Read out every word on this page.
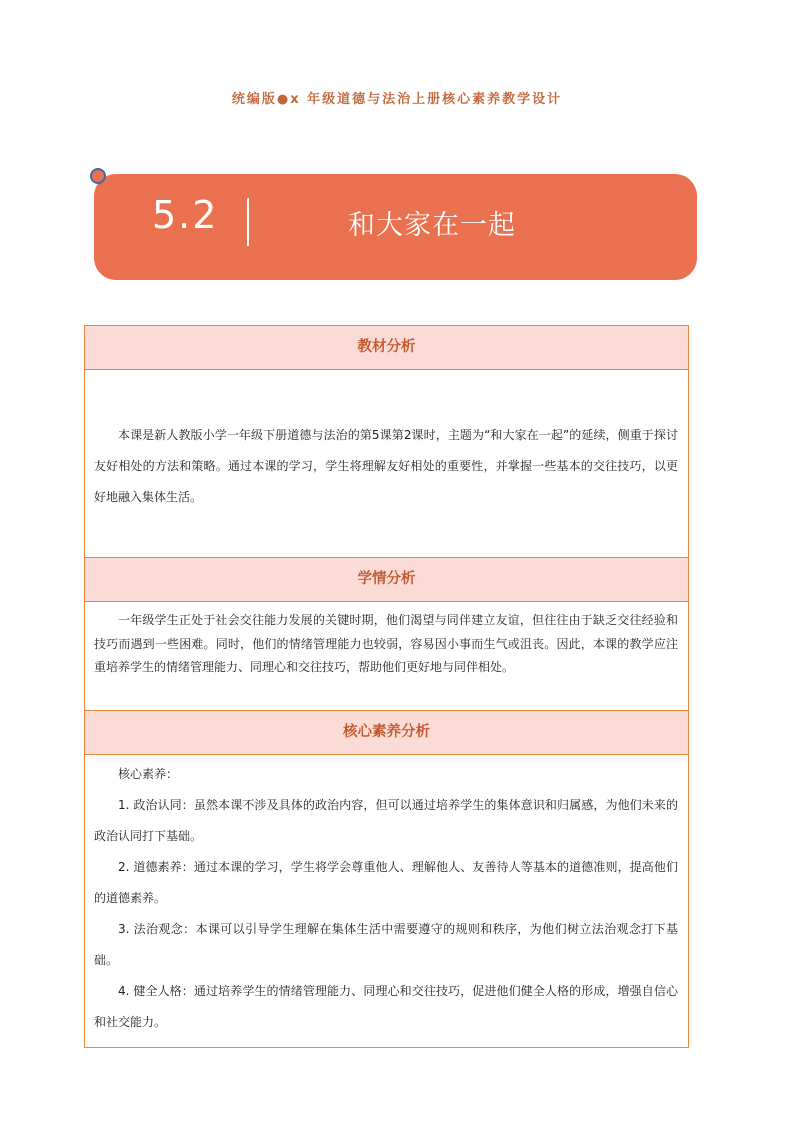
统编版●x 年级道德与法治上册核心素养教学设计
5.2	和大家在一起
教材分析

本课是新人教版小学一年级下册道德与法治的第5课第2课时，主题为“和大家在一起”的延续，侧重于探讨友好相处的方法和策略。通过本课的学习，学生将理解友好相处的重要性，并掌握一些基本的交往技巧，以更好地融入集体生活。

学情分析

一年级学生正处于社会交往能力发展的关键时期，他们渴望与同伴建立友谊，但往往由于缺乏交往经验和技巧而遇到一些困难。同时，他们的情绪管理能力也较弱，容易因小事而生气或沮丧。因此，本课的教学应注重培养学生的情绪管理能力、同理心和交往技巧，帮助他们更好地与同伴相处。

核心素养分析

核心素养：

1. 政治认同：虽然本课不涉及具体的政治内容，但可以通过培养学生的集体意识和归属感，为他们未来的政治认同打下基础。

2. 道德素养：通过本课的学习，学生将学会尊重他人、理解他人、友善待人等基本的道德准则，提高他们的道德素养。

3. 法治观念：本课可以引导学生理解在集体生活中需要遵守的规则和秩序，为他们树立法治观念打下基础。

4. 健全人格：通过培养学生的情绪管理能力、同理心和交往技巧，促进他们健全人格的形成，增强自信心和社交能力。
